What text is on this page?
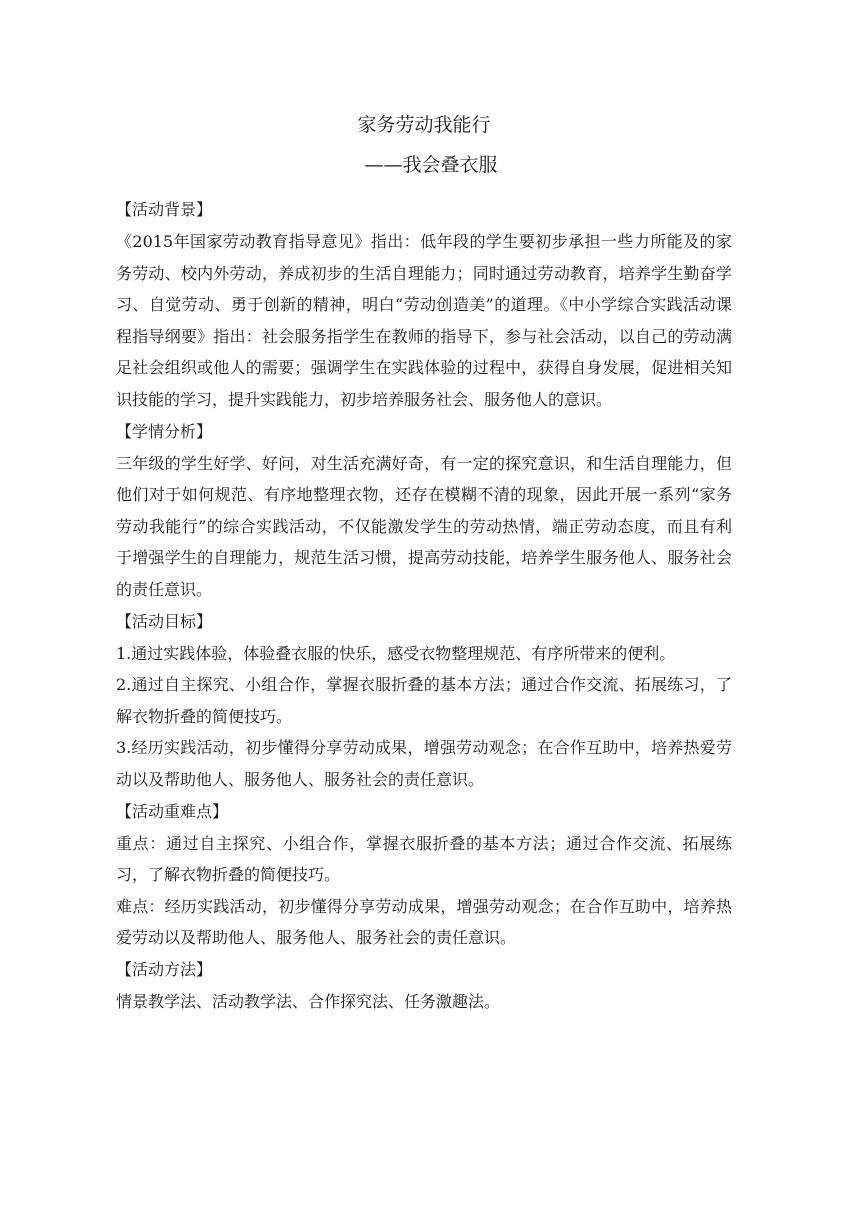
家务劳动我能行

——我会叠衣服

【活动背景】

《2015年国家劳动教育指导意见》指出：低年段的学生要初步承担一些力所能及的家务劳动、校内外劳动，养成初步的生活自理能力；同时通过劳动教育，培养学生勤奋学习、自觉劳动、勇于创新的精神，明白“劳动创造美”的道理。《中小学综合实践活动课程指导纲要》指出：社会服务指学生在教师的指导下，参与社会活动，以自己的劳动满足社会组织或他人的需要；强调学生在实践体验的过程中，获得自身发展，促进相关知识技能的学习，提升实践能力，初步培养服务社会、服务他人的意识。

【学情分析】

三年级的学生好学、好问，对生活充满好奇，有一定的探究意识，和生活自理能力，但他们对于如何规范、有序地整理衣物，还存在模糊不清的现象，因此开展一系列“家务劳动我能行”的综合实践活动，不仅能激发学生的劳动热情，端正劳动态度，而且有利于增强学生的自理能力，规范生活习惯，提高劳动技能，培养学生服务他人、服务社会的责任意识。

【活动目标】

1.通过实践体验，体验叠衣服的快乐，感受衣物整理规范、有序所带来的便利。

2.通过自主探究、小组合作，掌握衣服折叠的基本方法；通过合作交流、拓展练习，了解衣物折叠的简便技巧。

3.经历实践活动，初步懂得分享劳动成果，增强劳动观念；在合作互助中，培养热爱劳动以及帮助他人、服务他人、服务社会的责任意识。

【活动重难点】

重点：通过自主探究、小组合作，掌握衣服折叠的基本方法；通过合作交流、拓展练习，了解衣物折叠的简便技巧。

难点：经历实践活动，初步懂得分享劳动成果，增强劳动观念；在合作互助中，培养热爱劳动以及帮助他人、服务他人、服务社会的责任意识。

【活动方法】

情景教学法、活动教学法、合作探究法、任务激趣法。
